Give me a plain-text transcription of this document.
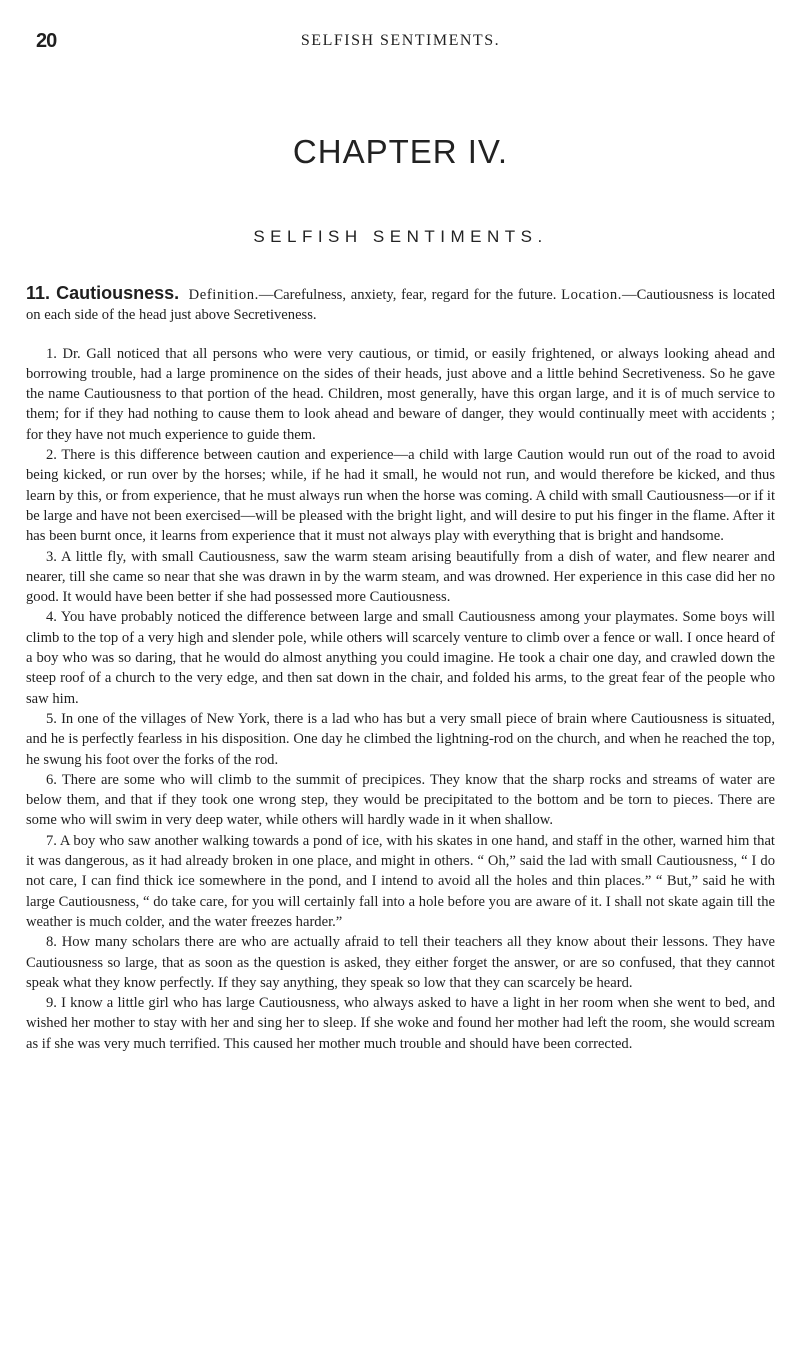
20	SELFISH SENTIMENTS.
CHAPTER IV.
SELFISH SENTIMENTS.

11. Cautiousness. Definition.—Carefulness, anxiety, fear, regard for the future. Location.—Cautiousness is located on each side of the head just above Secretiveness.

1. Dr. Gall noticed that all persons who were very cautious, or timid, or easily frightened, or always looking ahead and borrowing trouble, had a large prominence on the sides of their heads, just above and a little behind Secretiveness. So he gave the name Cautiousness to that portion of the head. Children, most generally, have this organ large, and it is of much service to them; for if they had nothing to cause them to look ahead and beware of danger, they would continually meet with accidents ; for they have not much experience to guide them.

2. There is this difference between caution and experience—a child with large Caution would run out of the road to avoid being kicked, or run over by the horses; while, if he had it small, he would not run, and would therefore be kicked, and thus learn by this, or from experience, that he must always run when the horse was coming. A child with small Cautiousness—or if it be large and have not been exercised—will be pleased with the bright light, and will desire to put his finger in the flame. After it has been burnt once, it learns from experience that it must not always play with everything that is bright and handsome.

3. A little fly, with small Cautiousness, saw the warm steam arising beautifully from a dish of water, and flew nearer and nearer, till she came so near that she was drawn in by the warm steam, and was drowned. Her experience in this case did her no good. It would have been better if she had possessed more Cautiousness.

4. You have probably noticed the difference between large and small Cautiousness among your playmates. Some boys will climb to the top of a very high and slender pole, while others will scarcely venture to climb over a fence or wall. I once heard of a boy who was so daring, that he would do almost anything you could imagine. He took a chair one day, and crawled down the steep roof of a church to the very edge, and then sat down in the chair, and folded his arms, to the great fear of the people who saw him.

5. In one of the villages of New York, there is a lad who has but a very small piece of brain where Cautiousness is situated, and he is perfectly fearless in his disposition. One day he climbed the lightning-rod on the church, and when he reached the top, he swung his foot over the forks of the rod.

6. There are some who will climb to the summit of precipices. They know that the sharp rocks and streams of water are below them, and that if they took one wrong step, they would be precipitated to the bottom and be torn to pieces. There are some who will swim in very deep water, while others will hardly wade in it when shallow.

7. A boy who saw another walking towards a pond of ice, with his skates in one hand, and staff in the other, warned him that it was dangerous, as it had already broken in one place, and might in others. “ Oh,” said the lad with small Cautiousness, “ I do not care, I can find thick ice somewhere in the pond, and I intend to avoid all the holes and thin places.” “ But,” said he with large Cautiousness, “ do take care, for you will certainly fall into a hole before you are aware of it. I shall not skate again till the weather is much colder, and the water freezes harder.”

8. How many scholars there are who are actually afraid to tell their teachers all they know about their lessons. They have Cautiousness so large, that as soon as the question is asked, they either forget the answer, or are so confused, that they cannot speak what they know perfectly. If they say anything, they speak so low that they can scarcely be heard.

9. I know a little girl who has large Cautiousness, who always asked to have a light in her room when she went to bed, and wished her mother to stay with her and sing her to sleep. If she woke and found her mother had left the room, she would scream as if she was very much terrified. This caused her mother much trouble and should have been corrected.
